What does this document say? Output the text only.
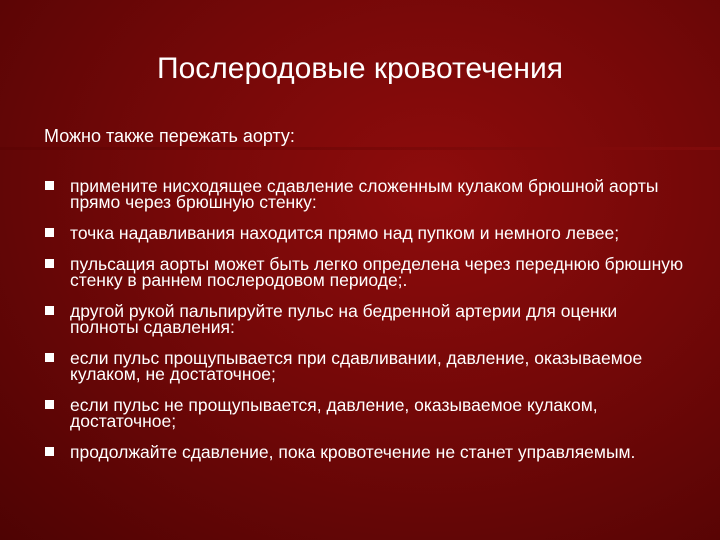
Послеродовые кровотечения
Можно также пережать аорту:
примените нисходящее сдавление сложенным кулаком брюшной аорты прямо через брюшную стенку:
точка надавливания находится прямо над пупком и немного левее;
пульсация аорты может быть легко определена через переднюю брюшную стенку в раннем послеродовом периоде;.
другой рукой пальпируйте пульс на бедренной артерии для оценки полноты сдавления:
если пульс прощупывается при сдавливании, давление, оказываемое кулаком, не достаточное;
если пульс не прощупывается, давление, оказываемое кулаком, достаточное;
продолжайте сдавление, пока кровотечение не станет управляемым.
